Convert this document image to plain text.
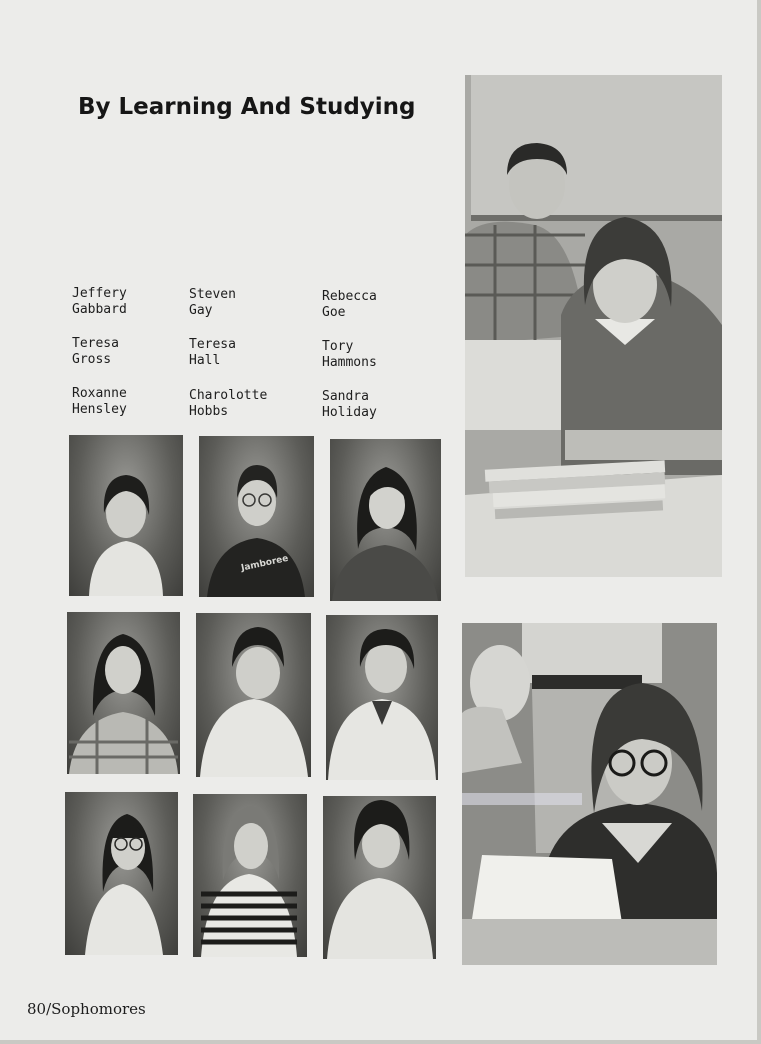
By Learning And Studying
Jeffery
Gabbard
Steven
Gay
Rebecca
Goe
Teresa
Gross
Teresa
Hall
Tory
Hammons
Roxanne
Hensley
Charolotte
Hobbs
Sandra
Holiday
Jamboree
80/Sophomores
